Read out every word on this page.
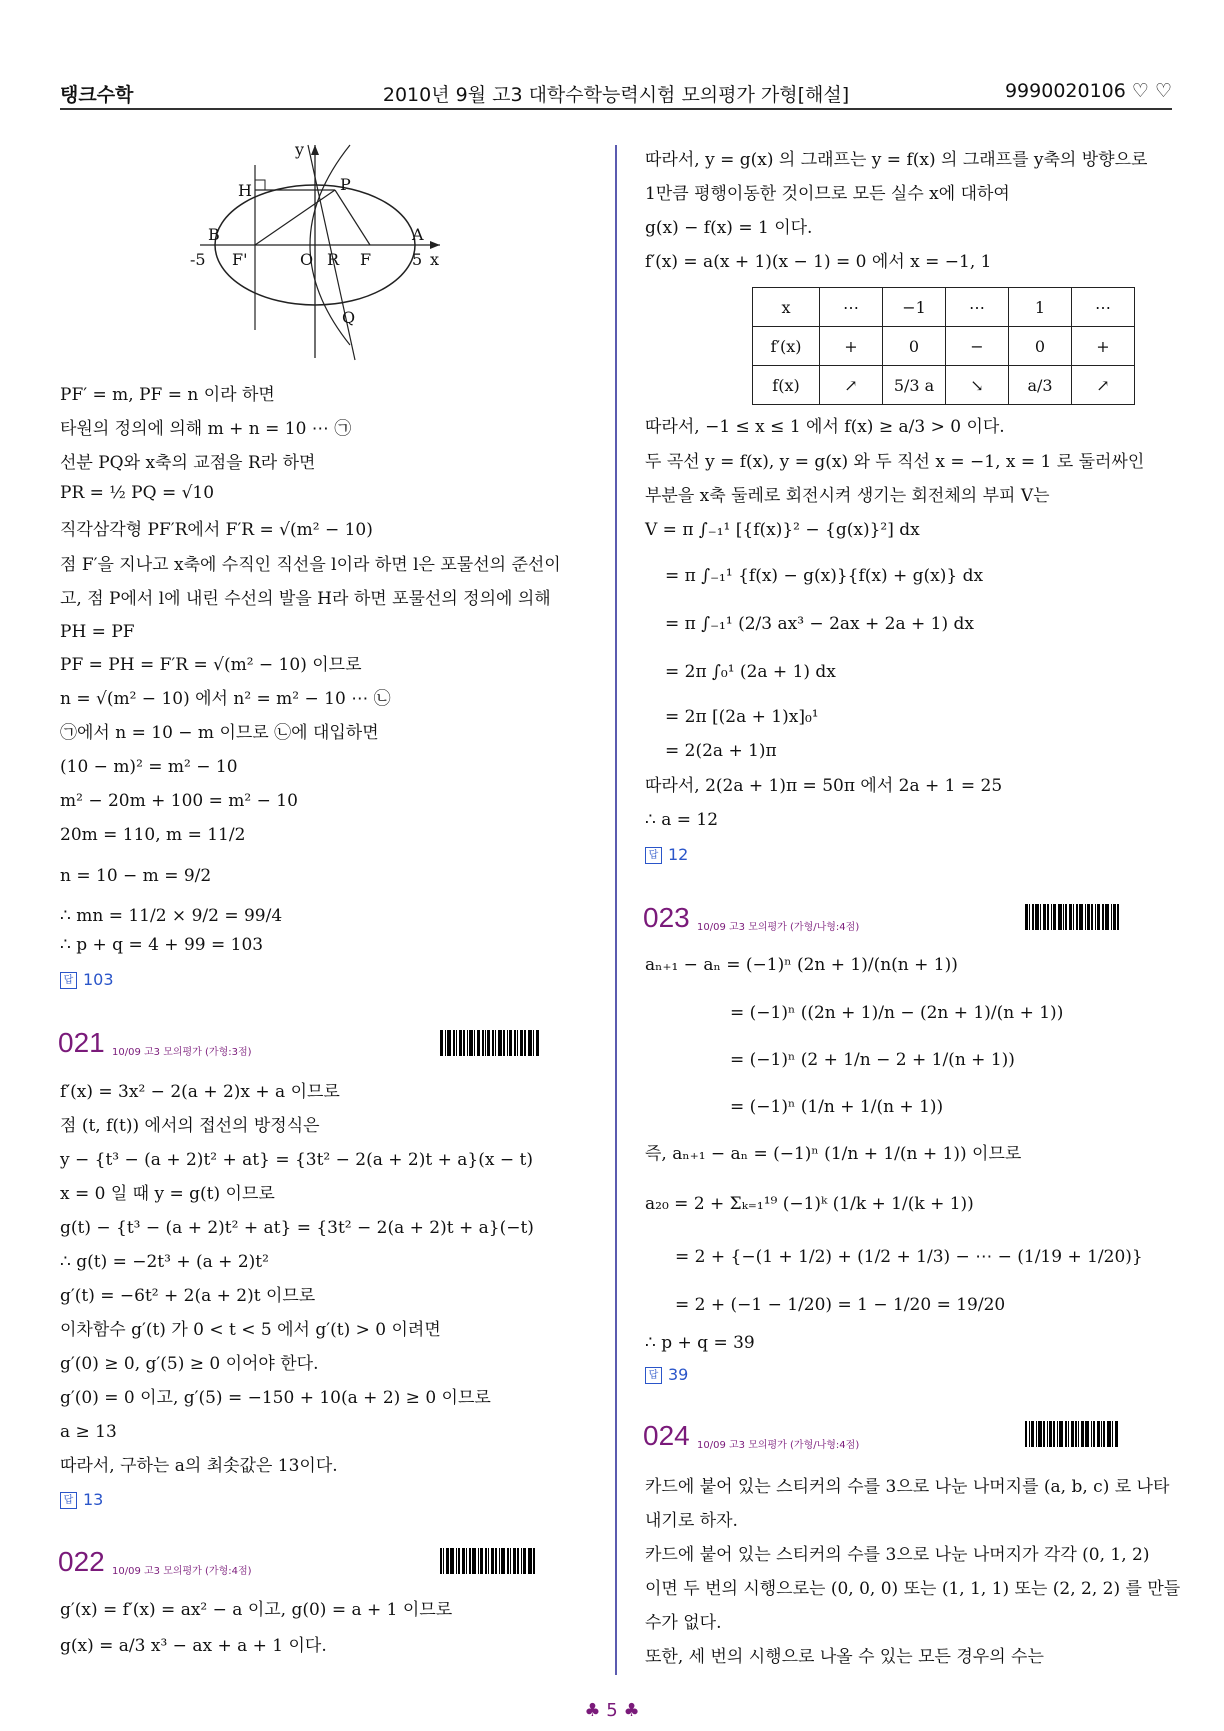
탱크수학	2010년 9월 고3 대학수학능력시험 모의평가 가형[해설]	9990020106 ♡ ♡
y
H	P
B	A
-5 F'	O R F	5 x
Q
PF′ = m, PF = n 이라 하면
타원의 정의에 의해 m + n = 10 ⋯ ㉠
선분 PQ와 x축의 교점을 R라 하면
PR = ½ PQ = √10
직각삼각형 PF′R에서 F′R = √(m² − 10)
점 F′을 지나고 x축에 수직인 직선을 l이라 하면 l은 포물선의 준선이
고, 점 P에서 l에 내린 수선의 발을 H라 하면 포물선의 정의에 의해
PH = PF
PF = PH = F′R = √(m² − 10) 이므로
n = √(m² − 10) 에서 n² = m² − 10 ⋯ ㉡
㉠에서 n = 10 − m 이므로 ㉡에 대입하면
(10 − m)² = m² − 10
m² − 20m + 100 = m² − 10
20m = 110, m = 11/2
n = 10 − m = 9/2
∴ mn = 11/2 × 9/2 = 99/4
∴ p + q = 4 + 99 = 103
답 103
021 10/09 고3 모의평가 (가형:3점)
f′(x) = 3x² − 2(a + 2)x + a 이므로
점 (t, f(t)) 에서의 접선의 방정식은
y − {t³ − (a + 2)t² + at} = {3t² − 2(a + 2)t + a}(x − t)
x = 0 일 때 y = g(t) 이므로
g(t) − {t³ − (a + 2)t² + at} = {3t² − 2(a + 2)t + a}(−t)
∴ g(t) = −2t³ + (a + 2)t²
g′(t) = −6t² + 2(a + 2)t 이므로
이차함수 g′(t) 가 0 < t < 5 에서 g′(t) > 0 이려면
g′(0) ≥ 0, g′(5) ≥ 0 이어야 한다.
g′(0) = 0 이고, g′(5) = −150 + 10(a + 2) ≥ 0 이므로
a ≥ 13
따라서, 구하는 a의 최솟값은 13이다.
답 13
022 10/09 고3 모의평가 (가형:4점)
g′(x) = f′(x) = ax² − a 이고, g(0) = a + 1 이므로
g(x) = a/3 x³ − ax + a + 1 이다.
따라서, y = g(x) 의 그래프는 y = f(x) 의 그래프를 y축의 방향으로
1만큼 평행이동한 것이므로 모든 실수 x에 대하여
g(x) − f(x) = 1 이다.
f′(x) = a(x + 1)(x − 1) = 0 에서 x = −1, 1
x	⋯	−1	⋯	1	⋯
f′(x)	+	0	−	0	+
f(x)	↗	5/3 a	↘	a/3	↗
따라서, −1 ≤ x ≤ 1 에서 f(x) ≥ a/3 > 0 이다.
두 곡선 y = f(x), y = g(x) 와 두 직선 x = −1, x = 1 로 둘러싸인
부분을 x축 둘레로 회전시켜 생기는 회전체의 부피 V는
V = π ∫₋₁¹ [{f(x)}² − {g(x)}²] dx
= π ∫₋₁¹ {f(x) − g(x)}{f(x) + g(x)} dx
= π ∫₋₁¹ (2/3 ax³ − 2ax + 2a + 1) dx
= 2π ∫₀¹ (2a + 1) dx
= 2π [(2a + 1)x]₀¹
= 2(2a + 1)π
따라서, 2(2a + 1)π = 50π 에서 2a + 1 = 25
∴ a = 12
답 12
023 10/09 고3 모의평가 (가형/나형:4점)
aₙ₊₁ − aₙ = (−1)ⁿ (2n + 1)/(n(n + 1))
= (−1)ⁿ ((2n + 1)/n − (2n + 1)/(n + 1))
= (−1)ⁿ (2 + 1/n − 2 + 1/(n + 1))
= (−1)ⁿ (1/n + 1/(n + 1))
즉, aₙ₊₁ − aₙ = (−1)ⁿ (1/n + 1/(n + 1)) 이므로
a₂₀ = 2 + Σₖ₌₁¹⁹ (−1)ᵏ (1/k + 1/(k + 1))
= 2 + {−(1 + 1/2) + (1/2 + 1/3) − ⋯ − (1/19 + 1/20)}
= 2 + (−1 − 1/20) = 1 − 1/20 = 19/20
∴ p + q = 39
답 39
024 10/09 고3 모의평가 (가형/나형:4점)
카드에 붙어 있는 스티커의 수를 3으로 나눈 나머지를 (a, b, c) 로 나타
내기로 하자.
카드에 붙어 있는 스티커의 수를 3으로 나눈 나머지가 각각 (0, 1, 2)
이면 두 번의 시행으로는 (0, 0, 0) 또는 (1, 1, 1) 또는 (2, 2, 2) 를 만들
수가 없다.
또한, 세 번의 시행으로 나올 수 있는 모든 경우의 수는
♣ 5 ♣
